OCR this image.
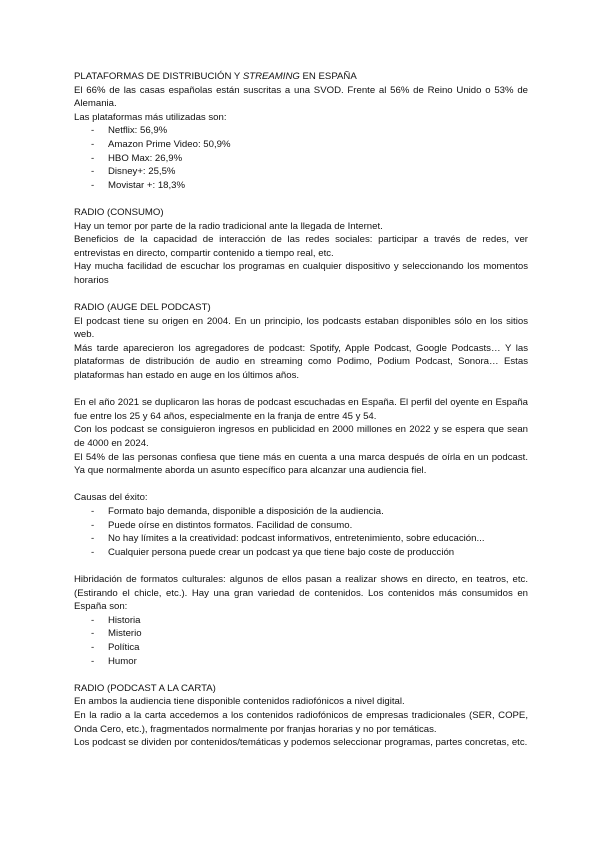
PLATAFORMAS DE DISTRIBUCIÓN Y STREAMING EN ESPAÑA

El 66% de las casas españolas están suscritas a una SVOD. Frente al 56% de Reino Unido o 53% de Alemania.

Las plataformas más utilizadas son:

- Netflix: 56,9%
- Amazon Prime Video: 50,9%
- HBO Max: 26,9%
- Disney+: 25,5%
- Movistar +: 18,3%

RADIO (CONSUMO)

Hay un temor por parte de la radio tradicional ante la llegada de Internet.

Beneficios de la capacidad de interacción de las redes sociales: participar a través de redes, ver entrevistas en directo, compartir contenido a tiempo real, etc.

Hay mucha facilidad de escuchar los programas en cualquier dispositivo y seleccionando los momentos horarios

RADIO (AUGE DEL PODCAST)

El podcast tiene su origen en 2004. En un principio, los podcasts estaban disponibles sólo en los sitios web.

Más tarde aparecieron los agregadores de podcast: Spotify, Apple Podcast, Google Podcasts… Y las plataformas de distribución de audio en streaming como Podimo, Podium Podcast, Sonora… Estas plataformas han estado en auge en los últimos años.

En el año 2021 se duplicaron las horas de podcast escuchadas en España. El perfil del oyente en España fue entre los 25 y 64 años, especialmente en la franja de entre 45 y 54.

Con los podcast se consiguieron ingresos en publicidad en 2000 millones en 2022 y se espera que sean de 4000 en 2024.

El 54% de las personas confiesa que tiene más en cuenta a una marca después de oírla en un podcast. Ya que normalmente aborda un asunto específico para alcanzar una audiencia fiel.

Causas del éxito:

- Formato bajo demanda, disponible a disposición de la audiencia.
- Puede oírse en distintos formatos. Facilidad de consumo.
- No hay límites a la creatividad: podcast informativos, entretenimiento, sobre educación...
- Cualquier persona puede crear un podcast ya que tiene bajo coste de producción

Hibridación de formatos culturales: algunos de ellos pasan a realizar shows en directo, en teatros, etc. (Estirando el chicle, etc.). Hay una gran variedad de contenidos. Los contenidos más consumidos en España son:

- Historia
- Misterio
- Política
- Humor

RADIO (PODCAST A LA CARTA)

En ambos la audiencia tiene disponible contenidos radiofónicos a nivel digital.

En la radio a la carta accedemos a los contenidos radiofónicos de empresas tradicionales (SER, COPE, Onda Cero, etc.), fragmentados normalmente por franjas horarias y no por temáticas.

Los podcast se dividen por contenidos/temáticas y podemos seleccionar programas, partes concretas, etc.
